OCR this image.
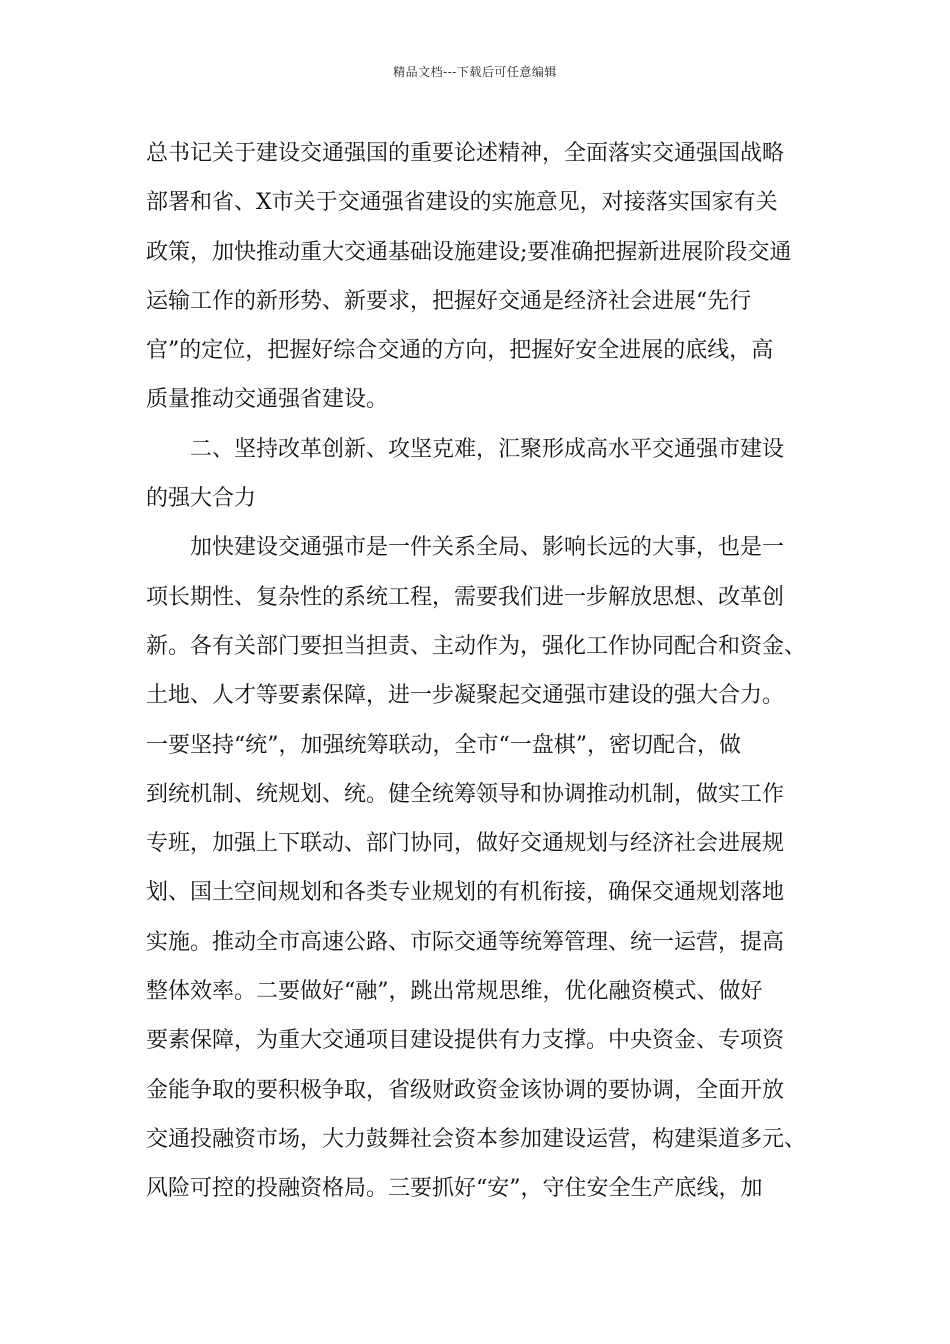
精品文档---下载后可任意编辑
总书记关于建设交通强国的重要论述精神，全面落实交通强国战略
部署和省、X市关于交通强省建设的实施意见，对接落实国家有关
政策，加快推动重大交通基础设施建设;要准确把握新进展阶段交通
运输工作的新形势、新要求，把握好交通是经济社会进展“先行
官”的定位，把握好综合交通的方向，把握好安全进展的底线，高
质量推动交通强省建设。
　　二、坚持改革创新、攻坚克难，汇聚形成高水平交通强市建设
的强大合力
　　加快建设交通强市是一件关系全局、影响长远的大事，也是一
项长期性、复杂性的系统工程，需要我们进一步解放思想、改革创
新。各有关部门要担当担责、主动作为，强化工作协同配合和资金、
土地、人才等要素保障，进一步凝聚起交通强市建设的强大合力。
一要坚持“统”，加强统筹联动，全市“一盘棋”，密切配合，做
到统机制、统规划、统。健全统筹领导和协调推动机制，做实工作
专班，加强上下联动、部门协同，做好交通规划与经济社会进展规
划、国土空间规划和各类专业规划的有机衔接，确保交通规划落地
实施。推动全市高速公路、市际交通等统筹管理、统一运营，提高
整体效率。二要做好“融”，跳出常规思维，优化融资模式、做好
要素保障，为重大交通项目建设提供有力支撑。中央资金、专项资
金能争取的要积极争取，省级财政资金该协调的要协调，全面开放
交通投融资市场，大力鼓舞社会资本参加建设运营，构建渠道多元、
风险可控的投融资格局。三要抓好“安”，守住安全生产底线，加
